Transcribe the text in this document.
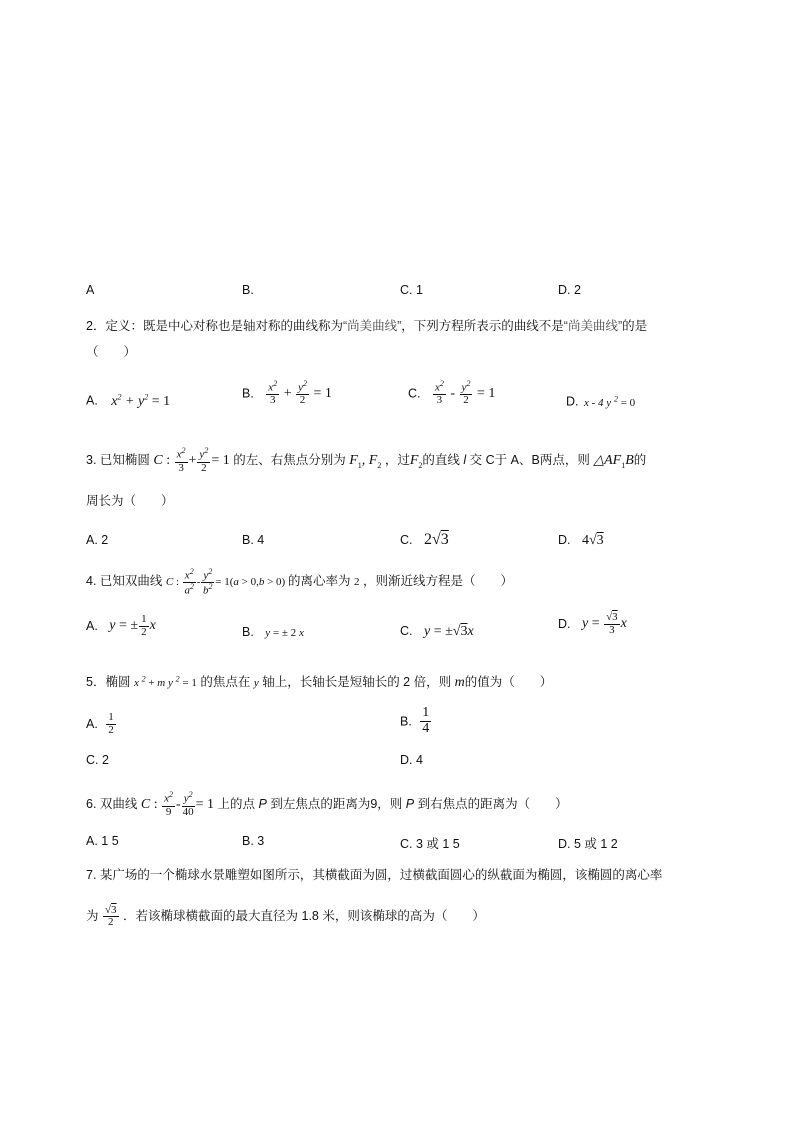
A	B.	C. 1	D. 2
2．定义：既是中心对称也是轴对称的曲线称为“尚美曲线”，下列方程所表示的曲线不是“尚美曲线”的是
（　　）
A. $x^2 + y^2 = 1$
B. $\frac{x^2}{3} + \frac{y^2}{2} = 1$	C. $\frac{x^2}{3} - \frac{y^2}{2} = 1$
D. x - 4 y $^2$ = 0
3. 已知椭圆 C : $\frac{x^2}{3} + \frac{y^2}{2} = 1$ 的左、右焦点分别为 $F_1$, $F_2$ ，过$F_2$的直线 l 交 C于 A、B两点，则 $\triangle AF_1B$的
周长为（　　）
A. 2	B. 4	C. 2√3	D. 4√3
4. 已知双曲线 C : $\frac{x^2}{a^2} - \frac{y^2}{b^2} = 1(a > 0,b > 0)$ 的离心率为 2 ，则渐近线方程是（　　）
A. y = ± $\frac{1}{2}$ x	B. y = ± 2 x	C. y = ±√3x
D. $y = \frac{√3}{3}$ x
5．椭圆 x $^2$ + m y $^2$ = 1 的焦点在 y 轴上，长轴长是短轴长的 2 倍，则 m的值为（　　）
A. $\frac{1}{2}$	B. $\frac{1}{4}$
C. 2	D. 4
6. 双曲线 C : $\frac{x^2}{9} - \frac{y^2}{40} = 1$ 上的点 P 到左焦点的距离为9，则 P 到右焦点的距离为（　　）
A. 1 5	B. 3	C. 3 或 1 5	D. 5 或 1 2
7. 某广场的一个椭球水景雕塑如图所示，其横截面为圆，过横截面圆心的纵截面为椭圆，该椭圆的离心率
为 $\frac{√3}{2}$ ．若该椭球横截面的最大直径为 1.8 米，则该椭球的高为（　　）
